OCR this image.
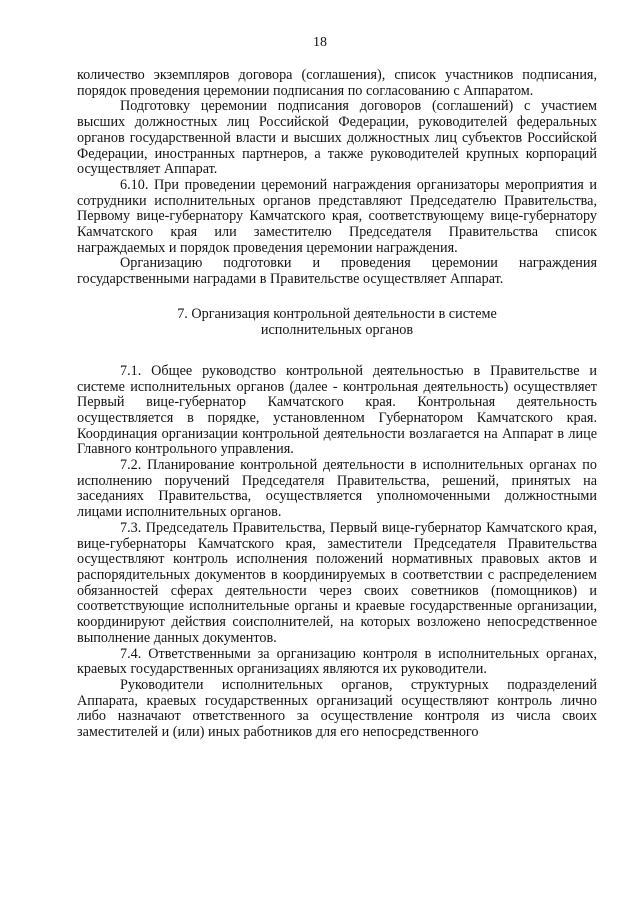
18

количество экземпляров договора (соглашения), список участников подписания, порядок проведения церемонии подписания по согласованию с Аппаратом.

Подготовку церемонии подписания договоров (соглашений) с участием высших должностных лиц Российской Федерации, руководителей федеральных органов государственной власти и высших должностных лиц субъектов Российской Федерации, иностранных партнеров, а также руководителей крупных корпораций осуществляет Аппарат.

6.10. При проведении церемоний награждения организаторы мероприятия и сотрудники исполнительных органов представляют Председателю Правительства, Первому вице-губернатору Камчатского края, соответствующему вице-губернатору Камчатского края или заместителю Председателя Правительства список награждаемых и порядок проведения церемонии награждения.

Организацию подготовки и проведения церемонии награждения государственными наградами в Правительстве осуществляет Аппарат.

7. Организация контрольной деятельности в системе
исполнительных органов

7.1. Общее руководство контрольной деятельностью в Правительстве и системе исполнительных органов (далее - контрольная деятельность) осуществляет Первый вице-губернатор Камчатского края. Контрольная деятельность осуществляется в порядке, установленном Губернатором Камчатского края. Координация организации контрольной деятельности возлагается на Аппарат в лице Главного контрольного управления.

7.2. Планирование контрольной деятельности в исполнительных органах по исполнению поручений Председателя Правительства, решений, принятых на заседаниях Правительства, осуществляется уполномоченными должностными лицами исполнительных органов.

7.3. Председатель Правительства, Первый вице-губернатор Камчатского края, вице-губернаторы Камчатского края, заместители Председателя Правительства осуществляют контроль исполнения положений нормативных правовых актов и распорядительных документов в координируемых в соответствии с распределением обязанностей сферах деятельности через своих советников (помощников) и соответствующие исполнительные органы и краевые государственные организации, координируют действия соисполнителей, на которых возложено непосредственное выполнение данных документов.

7.4. Ответственными за организацию контроля в исполнительных органах, краевых государственных организациях являются их руководители.

Руководители исполнительных органов, структурных подразделений Аппарата, краевых государственных организаций осуществляют контроль лично либо назначают ответственного за осуществление контроля из числа своих заместителей и (или) иных работников для его непосредственного
